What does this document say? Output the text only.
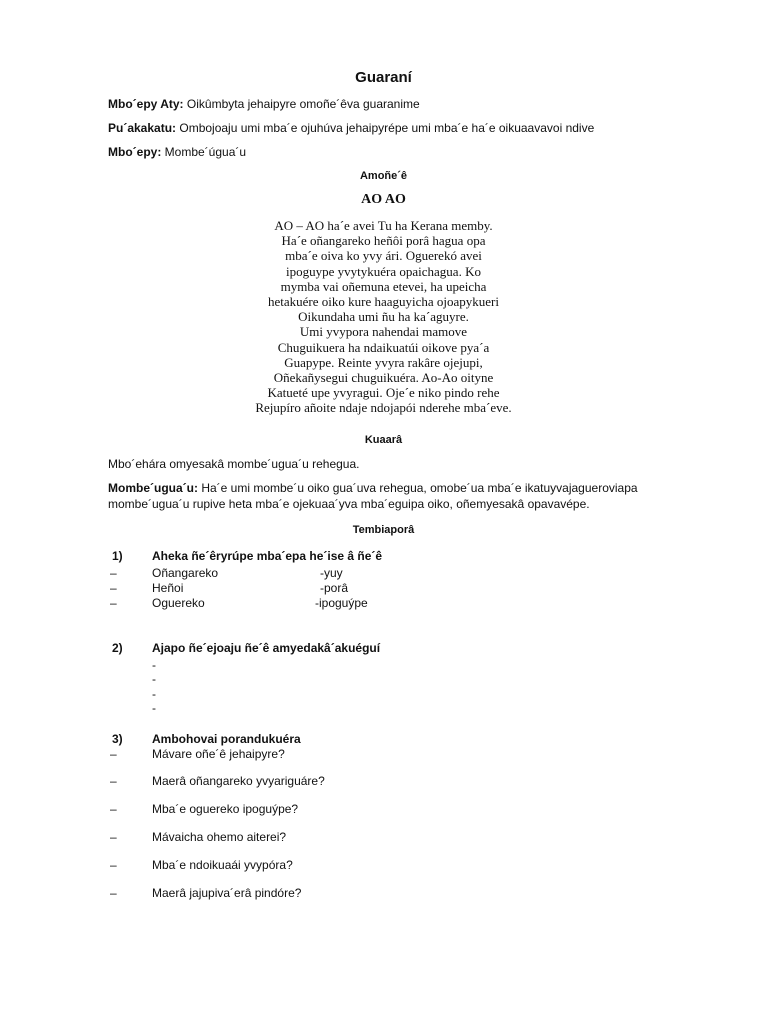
Guaraní
Mbo´epy Aty: Oikûmbyta jehaipyre omoñe´êva guaranime
Pu´akakatu: Ombojoaju umi mba´e ojuhúva jehaipyrépe umi mba´e ha´e oikuaavavoi ndive
Mbo´epy: Mombe´úgua´u
Amoñe´ê
AO AO
AO – AO ha´e avei Tu ha Kerana memby.
Ha´e oñangareko heñôi porâ hagua opa
mba´e oiva ko yvy ári. Oguerekó avei
ipoguype yvytykuéra opaichagua. Ko
mymba vai oñemuna etevei, ha upeicha
hetakuére oiko kure haaguyicha ojoapykueri
Oikundaha umi ñu ha ka´aguyre.
Umi yvypora nahendai mamove
Chuguikuera ha ndaikuatúi oikove pya´a
Guapype. Reinte yvyra rakâre ojejupi,
Oñekañysegui chuguikuéra. Ao-Ao oityne
Katueté upe yvyragui. Oje´e niko pindo rehe
Rejupíro añoite ndaje ndojapói nderehe mba´eve.
Kuaarâ
Mbo´ehára omyesakâ mombe´ugua´u rehegua.
Mombe´ugua´u: Ha´e umi mombe´u oiko gua´uva rehegua, omobe´ua mba´e ikatuyvajagueroviapa mombe´ugua´u rupive heta mba´e ojekuaa´yva mba´eguipa oiko, oñemyesakâ opavavépe.
Tembiaporâ
1)	Aheka ñe´êryrúpe mba´epa he´ise â ñe´ê
–	Oñangareko	-yuy
–	Heñoi	-porâ
–	Oguereko	-ipoguýpe
2)	Ajapo ñe´ejoaju ñe´ê amyedakâ´akuéguí
-
-
-
-
3)	Ambohovai porandukuéra
–	Mávare oñe´ê jehaipyre?
–	Maerâ oñangareko yvyariguáre?
–	Mba´e oguereko ipoguýpe?
–	Mávaicha ohemo aiterei?
–	Mba´e ndoikuaái yvypóra?
–	Maerâ jajupiva´erâ pindóre?
